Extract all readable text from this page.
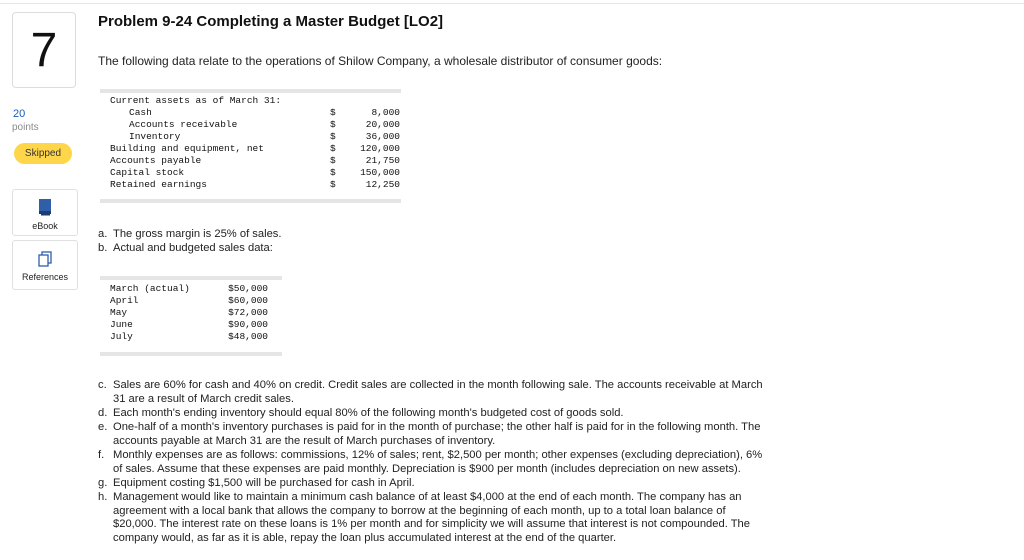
7
20
points
Skipped
eBook
References
Problem 9-24 Completing a Master Budget [LO2]

The following data relate to the operations of Shilow Company, a wholesale distributor of consumer goods:

Current assets as of March 31:
Cash	$	8,000
Accounts receivable	$	20,000
Inventory	$	36,000
Building and equipment, net	$	120,000
Accounts payable	$	21,750
Capital stock	$	150,000
Retained earnings	$	12,250
a. The gross margin is 25% of sales.
b. Actual and budgeted sales data:
March (actual)	$50,000
April	$60,000
May	$72,000
June	$90,000
July	$48,000
c. Sales are 60% for cash and 40% on credit. Credit sales are collected in the month following sale. The accounts receivable at March
31 are a result of March credit sales.
d. Each month's ending inventory should equal 80% of the following month's budgeted cost of goods sold.
e. One-half of a month's inventory purchases is paid for in the month of purchase; the other half is paid for in the following month. The
accounts payable at March 31 are the result of March purchases of inventory.
f. Monthly expenses are as follows: commissions, 12% of sales; rent, $2,500 per month; other expenses (excluding depreciation), 6%
of sales. Assume that these expenses are paid monthly. Depreciation is $900 per month (includes depreciation on new assets).
g. Equipment costing $1,500 will be purchased for cash in April.
h. Management would like to maintain a minimum cash balance of at least $4,000 at the end of each month. The company has an
agreement with a local bank that allows the company to borrow at the beginning of each month, up to a total loan balance of
$20,000. The interest rate on these loans is 1% per month and for simplicity we will assume that interest is not compounded. The
company would, as far as it is able, repay the loan plus accumulated interest at the end of the quarter.
